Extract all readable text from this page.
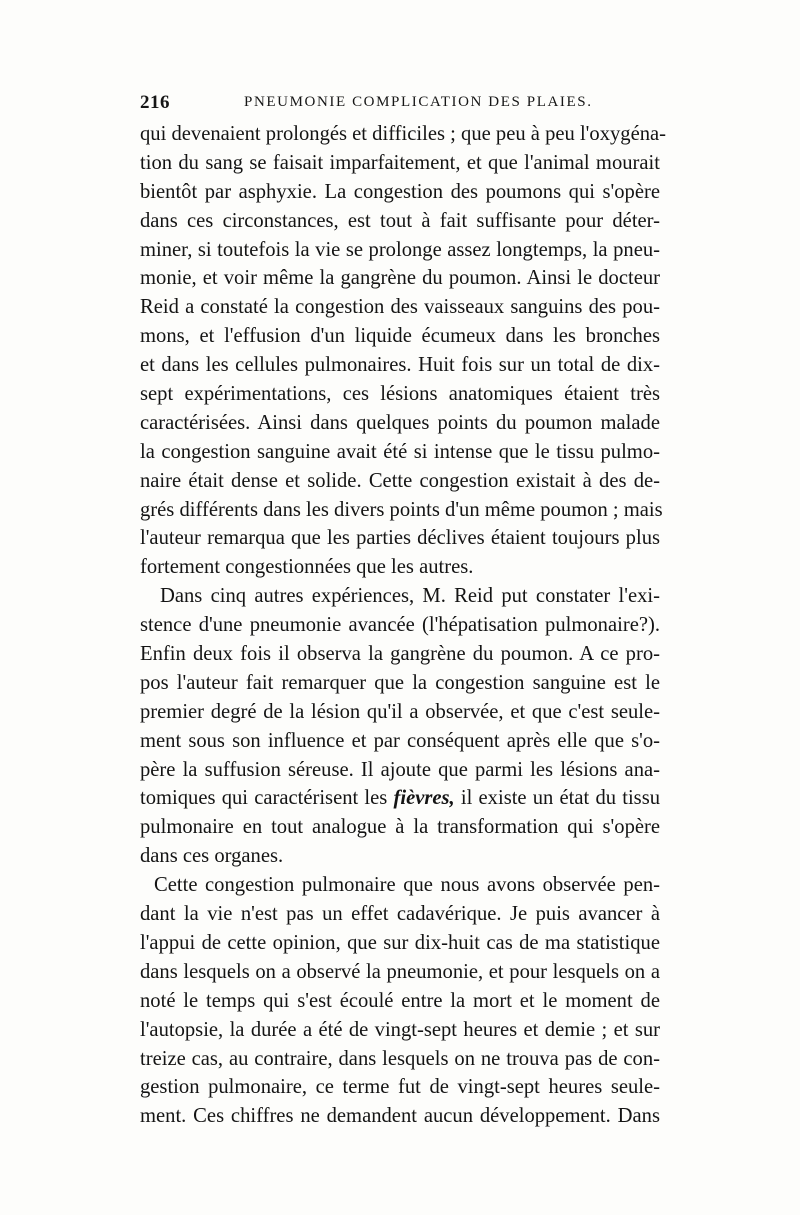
216	PNEUMONIE COMPLICATION DES PLAIES.
qui devenaient prolongés et difficiles ; que peu à peu l'oxygéna-
tion du sang se faisait imparfaitement, et que l'animal mourait
bientôt par asphyxie. La congestion des poumons qui s'opère
dans ces circonstances, est tout à fait suffisante pour déter-
miner, si toutefois la vie se prolonge assez longtemps, la pneu-
monie, et voir même la gangrène du poumon. Ainsi le docteur
Reid a constaté la congestion des vaisseaux sanguins des pou-
mons, et l'effusion d'un liquide écumeux dans les bronches
et dans les cellules pulmonaires. Huit fois sur un total de dix-
sept expérimentations, ces lésions anatomiques étaient très
caractérisées. Ainsi dans quelques points du poumon malade
la congestion sanguine avait été si intense que le tissu pulmo-
naire était dense et solide. Cette congestion existait à des de-
grés différents dans les divers points d'un même poumon ; mais
l'auteur remarqua que les parties déclives étaient toujours plus
fortement congestionnées que les autres.
Dans cinq autres expériences, M. Reid put constater l'exi-
stence d'une pneumonie avancée (l'hépatisation pulmonaire?).
Enfin deux fois il observa la gangrène du poumon. A ce pro-
pos l'auteur fait remarquer que la congestion sanguine est le
premier degré de la lésion qu'il a observée, et que c'est seule-
ment sous son influence et par conséquent après elle que s'o-
père la suffusion séreuse. Il ajoute que parmi les lésions ana-
tomiques qui caractérisent les fièvres, il existe un état du tissu
pulmonaire en tout analogue à la transformation qui s'opère
dans ces organes.
Cette congestion pulmonaire que nous avons observée pen-
dant la vie n'est pas un effet cadavérique. Je puis avancer à
l'appui de cette opinion, que sur dix-huit cas de ma statistique
dans lesquels on a observé la pneumonie, et pour lesquels on a
noté le temps qui s'est écoulé entre la mort et le moment de
l'autopsie, la durée a été de vingt-sept heures et demie ; et sur
treize cas, au contraire, dans lesquels on ne trouva pas de con-
gestion pulmonaire, ce terme fut de vingt-sept heures seule-
ment. Ces chiffres ne demandent aucun développement. Dans
